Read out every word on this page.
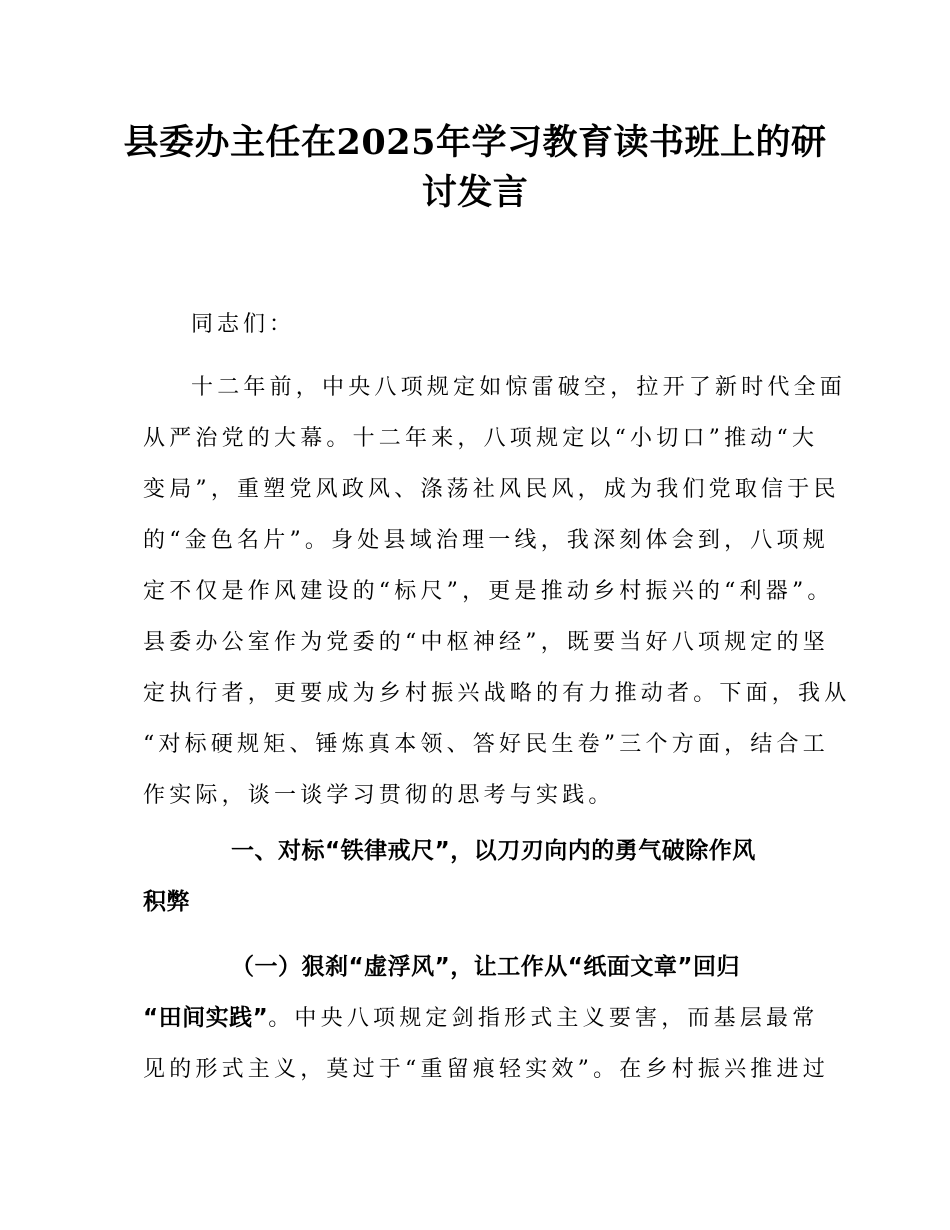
县委办主任在2025年学习教育读书班上的研
讨发言

同志们：

十二年前，中央八项规定如惊雷破空，拉开了新时代全面
从严治党的大幕。十二年来，八项规定以“小切口”推动“大
变局”，重塑党风政风、涤荡社风民风，成为我们党取信于民
的“金色名片”。身处县域治理一线，我深刻体会到，八项规
定不仅是作风建设的“标尺”，更是推动乡村振兴的“利器”。
县委办公室作为党委的“中枢神经”，既要当好八项规定的坚
定执行者，更要成为乡村振兴战略的有力推动者。下面，我从
“对标硬规矩、锤炼真本领、答好民生卷”三个方面，结合工
作实际，谈一谈学习贯彻的思考与实践。
一、对标“铁律戒尺”，以刀刃向内的勇气破除作风
积弊
（一）狠刹“虚浮风”，让工作从“纸面文章”回归
“田间实践”。中央八项规定剑指形式主义要害，而基层最常
见的形式主义，莫过于“重留痕轻实效”。在乡村振兴推进过
